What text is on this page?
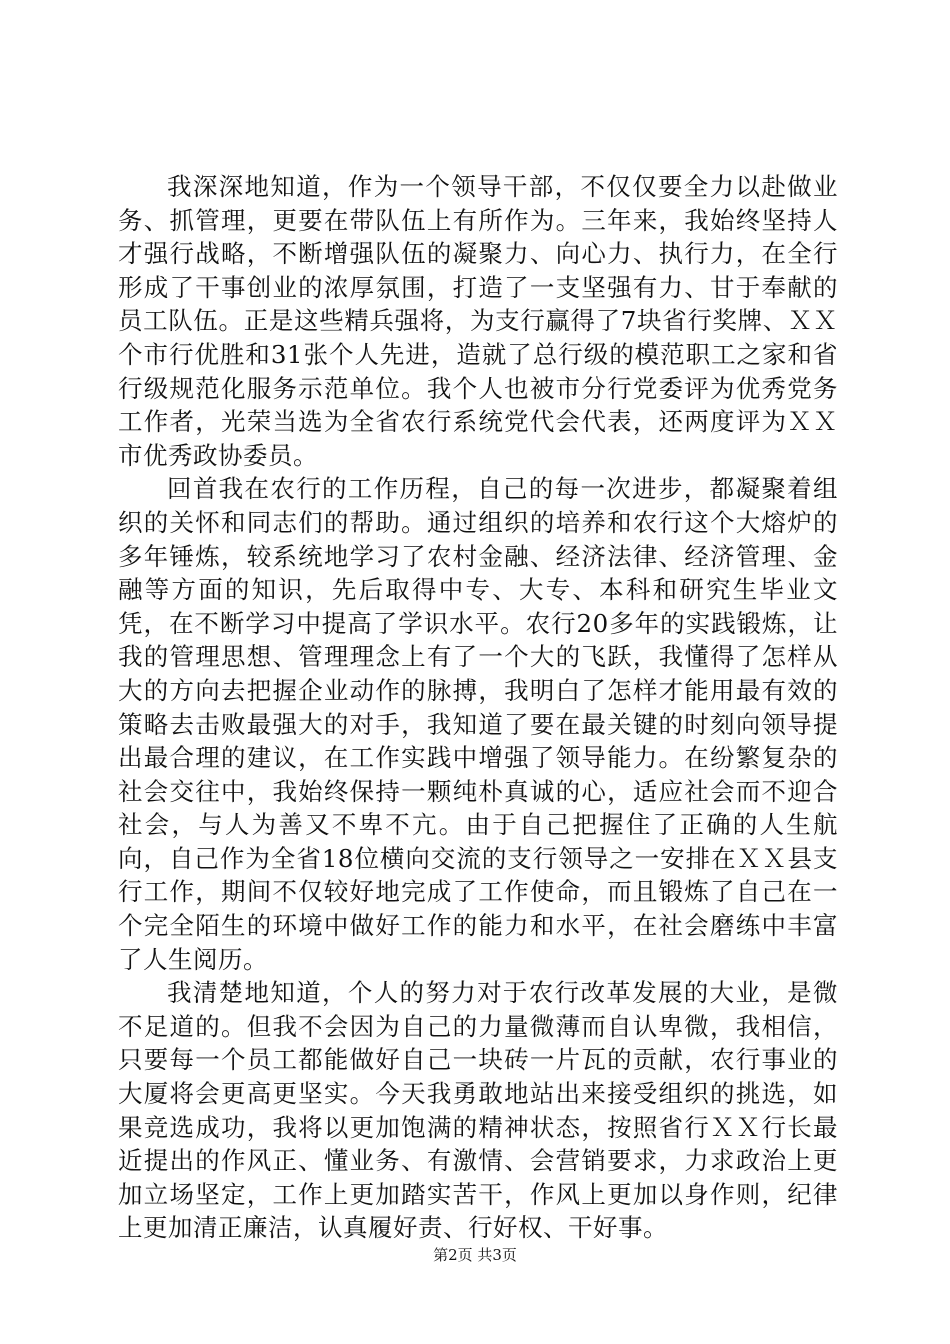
我深深地知道，作为一个领导干部，不仅仅要全力以赴做业务、抓管理，更要在带队伍上有所作为。三年来，我始终坚持人才强行战略，不断增强队伍的凝聚力、向心力、执行力，在全行形成了干事创业的浓厚氛围，打造了一支坚强有力、甘于奉献的员工队伍。正是这些精兵强将，为支行赢得了7块省行奖牌、ＸＸ个市行优胜和31张个人先进，造就了总行级的模范职工之家和省行级规范化服务示范单位。我个人也被市分行党委评为优秀党务工作者，光荣当选为全省农行系统党代会代表，还两度评为ＸＸ市优秀政协委员。

回首我在农行的工作历程，自己的每一次进步，都凝聚着组织的关怀和同志们的帮助。通过组织的培养和农行这个大熔炉的多年锤炼，较系统地学习了农村金融、经济法律、经济管理、金融等方面的知识，先后取得中专、大专、本科和研究生毕业文凭，在不断学习中提高了学识水平。农行20多年的实践锻炼，让我的管理思想、管理理念上有了一个大的飞跃，我懂得了怎样从大的方向去把握企业动作的脉搏，我明白了怎样才能用最有效的策略去击败最强大的对手，我知道了要在最关键的时刻向领导提出最合理的建议，在工作实践中增强了领导能力。在纷繁复杂的社会交往中，我始终保持一颗纯朴真诚的心，适应社会而不迎合社会，与人为善又不卑不亢。由于自己把握住了正确的人生航向，自己作为全省18位横向交流的支行领导之一安排在ＸＸ县支行工作，期间不仅较好地完成了工作使命，而且锻炼了自己在一个完全陌生的环境中做好工作的能力和水平，在社会磨练中丰富了人生阅历。

我清楚地知道，个人的努力对于农行改革发展的大业，是微不足道的。但我不会因为自己的力量微薄而自认卑微，我相信，只要每一个员工都能做好自己一块砖一片瓦的贡献，农行事业的大厦将会更高更坚实。今天我勇敢地站出来接受组织的挑选，如果竞选成功，我将以更加饱满的精神状态，按照省行ＸＸ行长最近提出的作风正、懂业务、有激情、会营销要求，力求政治上更加立场坚定，工作上更加踏实苦干，作风上更加以身作则，纪律上更加清正廉洁，认真履好责、行好权、干好事。

第2页 共3页
